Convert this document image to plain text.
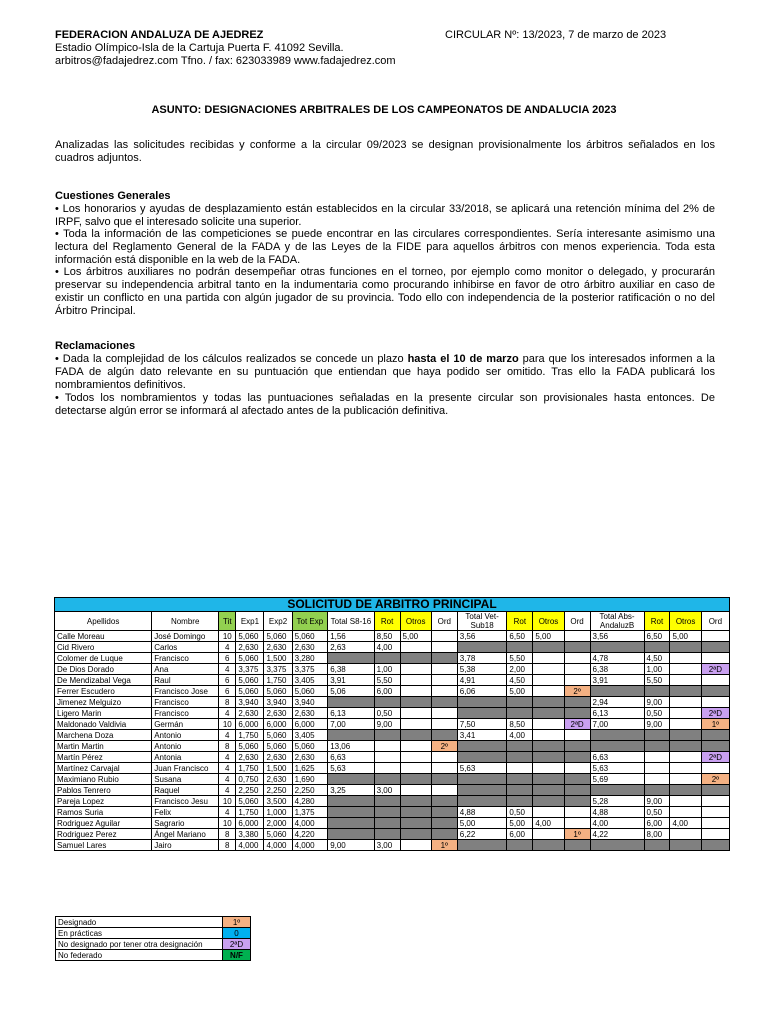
FEDERACION ANDALUZA DE AJEDREZ	CIRCULAR Nº: 13/2023, 7 de marzo de 2023
Estadio Olímpico-Isla de la Cartuja Puerta F. 41092 Sevilla.
arbitros@fadajedrez.com Tfno. / fax: 623033989 www.fadajedrez.com
ASUNTO: DESIGNACIONES ARBITRALES DE LOS CAMPEONATOS DE ANDALUCIA 2023
Analizadas las solicitudes recibidas y conforme a la circular 09/2023 se designan provisionalmente los árbitros señalados en los cuadros adjuntos.
Cuestiones Generales
• Los honorarios y ayudas de desplazamiento están establecidos en la circular 33/2018, se aplicará una retención mínima del 2% de IRPF, salvo que el interesado solicite una superior.
• Toda la información de las competiciones se puede encontrar en las circulares correspondientes. Sería interesante asimismo una lectura del Reglamento General de la FADA y de las Leyes de la FIDE para aquellos árbitros con menos experiencia. Toda esta información está disponible en la web de la FADA.
• Los árbitros auxiliares no podrán desempeñar otras funciones en el torneo, por ejemplo como monitor o delegado, y procurarán preservar su independencia arbitral tanto en la indumentaria como procurando inhibirse en favor de otro árbitro auxiliar en caso de existir un conflicto en una partida con algún jugador de su provincia. Todo ello con independencia de la posterior ratificación o no del Árbitro Principal.
Reclamaciones
• Dada la complejidad de los cálculos realizados se concede un plazo hasta el 10 de marzo para que los interesados informen a la FADA de algún dato relevante en su puntuación que entiendan que haya podido ser omitido. Tras ello la FADA publicará los nombramientos definitivos.
• Todos los nombramientos y todas las puntuaciones señaladas en la presente circular son provisionales hasta entonces. De detectarse algún error se informará al afectado antes de la publicación definitiva.
SOLICITUD DE ARBITRO PRINCIPAL																	
Apellidos	Nombre	Tit	Exp1	Exp2	Tot Exp	Total S8-16	Rot	Otros	Ord	Total Vet-Sub18	Rot	Otros	Ord	Total Abs-AndaluzB	Rot	Otros	Ord
Calle Moreau	José Domingo	10	5,060	5,060	5,060	1,56	8,50	5,00		3,56	6,50	5,00		3,56	6,50	5,00	
Cid Rivero	Carlos	4	2,630	2,630	2,630	2,63	4,00										
Colomer de Luque	Francisco	6	5,060	1,500	3,280					3,78	5,50			4,78	4,50		
De Dios Dorado	Ana	4	3,375	3,375	3,375	6,38	1,00			5,38	2,00			6,38	1,00		2ªD
De Mendizabal Vega	Raul	6	5,060	1,750	3,405	3,91	5,50			4,91	4,50			3,91	5,50		
Ferrer Escudero	Francisco Jose	6	5,060	5,060	5,060	5,06	6,00			6,06	5,00		2º				
Jimenez Melguizo	Francisco	8	3,940	3,940	3,940									2,94	9,00		
Ligero Marin	Francisco	4	2,630	2,630	2,630	6,13	0,50							6,13	0,50		2ªD
Maldonado Valdivia	Germán	10	6,000	6,000	6,000	7,00	9,00			7,50	8,50		2ªD	7,00	9,00		1º
Marchena Doza	Antonio	4	1,750	5,060	3,405					3,41	4,00						
Martin Martin	Antonio	8	5,060	5,060	5,060	13,06			2º								
Martín Pérez	Antonia	4	2,630	2,630	2,630	6,63								6,63			2ªD
Martínez Carvajal	Juan Francisco	4	1,750	1,500	1,625	5,63				5,63				5,63			
Maximiano Rubio	Susana	4	0,750	2,630	1,690									5,69			2º
Pablos Tenrero	Raquel	4	2,250	2,250	2,250	3,25	3,00										
Pareja Lopez	Francisco Jesu	10	5,060	3,500	4,280									5,28	9,00		
Ramos Suria	Felix	4	1,750	1,000	1,375					4,88	0,50			4,88	0,50		
Rodriguez Aguilar	Sagrario	10	6,000	2,000	4,000					5,00	5,00	4,00		4,00	6,00	4,00	
Rodriguez Perez	Ángel Mariano	8	3,380	5,060	4,220					6,22	6,00		1º	4,22	8,00		
Samuel Lares	Jairo	8	4,000	4,000	4,000	9,00	3,00		1º								
Designado	1º
En prácticas	0
No designado por tener otra designación	2ªD
No federado	N/F
